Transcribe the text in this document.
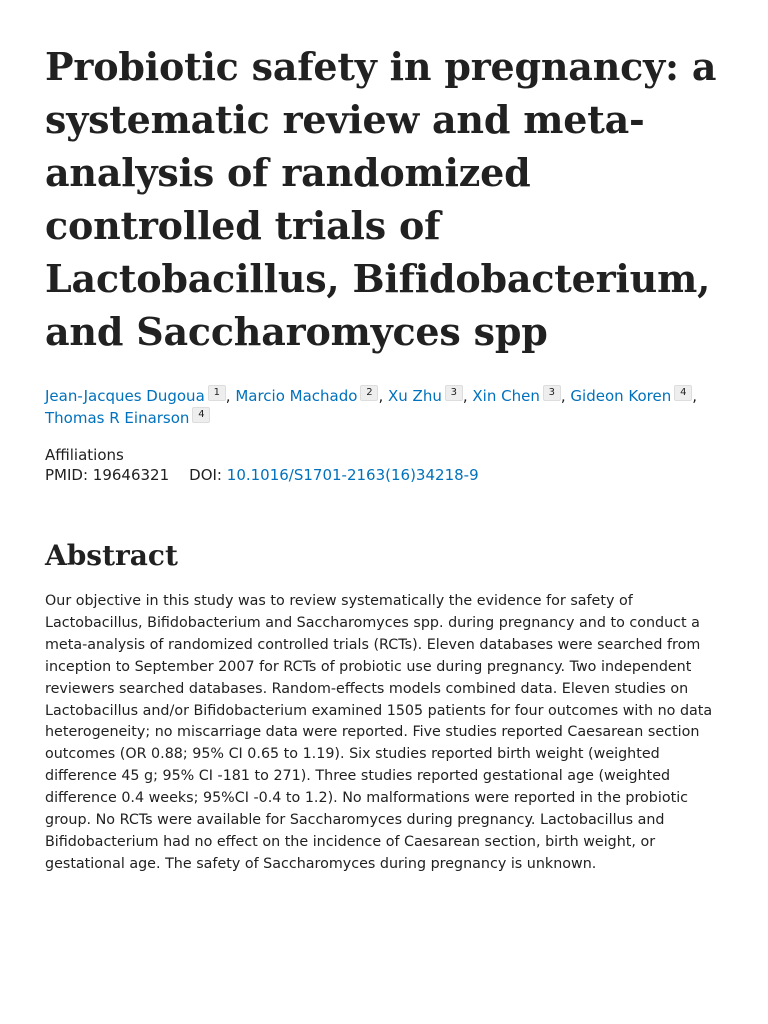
Probiotic safety in pregnancy: a systematic review and meta-analysis of randomized controlled trials of Lactobacillus, Bifidobacterium, and Saccharomyces spp
Jean-Jacques Dugoua 1 , Marcio Machado 2 , Xu Zhu 3 , Xin Chen 3 , Gideon Koren 4 ,
Thomas R Einarson 4
Affiliations
PMID: 19646321 DOI: 10.1016/S1701-2163(16)34218-9
Abstract
Our objective in this study was to review systematically the evidence for safety of Lactobacillus, Bifidobacterium and Saccharomyces spp. during pregnancy and to conduct a meta-analysis of randomized controlled trials (RCTs). Eleven databases were searched from inception to September 2007 for RCTs of probiotic use during pregnancy. Two independent reviewers searched databases. Random-effects models combined data. Eleven studies on Lactobacillus and/or Bifidobacterium examined 1505 patients for four outcomes with no data heterogeneity; no miscarriage data were reported. Five studies reported Caesarean section outcomes (OR 0.88; 95% CI 0.65 to 1.19). Six studies reported birth weight (weighted difference 45 g; 95% CI -181 to 271). Three studies reported gestational age (weighted difference 0.4 weeks; 95%CI -0.4 to 1.2). No malformations were reported in the probiotic group. No RCTs were available for Saccharomyces during pregnancy. Lactobacillus and Bifidobacterium had no effect on the incidence of Caesarean section, birth weight, or gestational age. The safety of Saccharomyces during pregnancy is unknown.
